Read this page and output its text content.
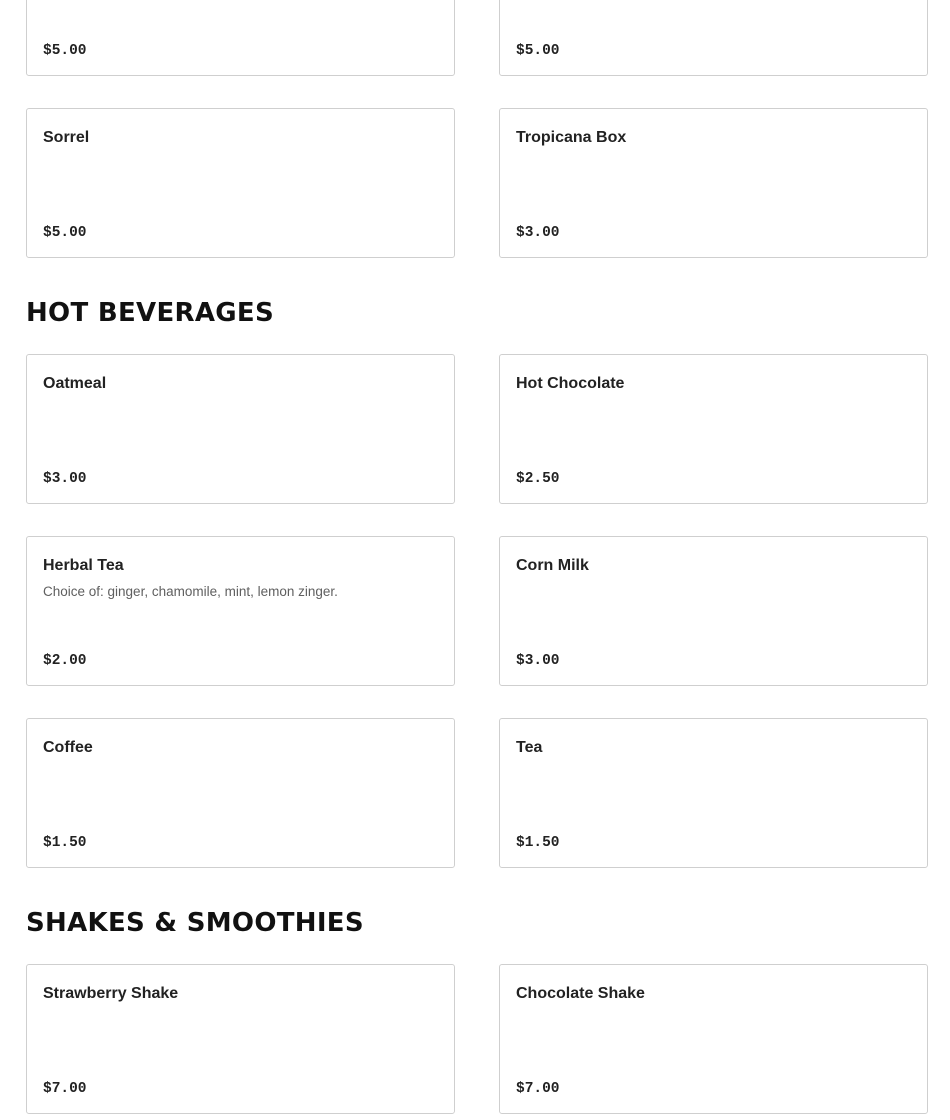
$5.00	$5.00
Sorrel
$5.00
Tropicana Box
$3.00
HOT BEVERAGES
Oatmeal
$3.00
Hot Chocolate
$2.50
Herbal Tea
Choice of: ginger, chamomile, mint, lemon zinger.
$2.00
Corn Milk
$3.00
Coffee
$1.50
Tea
$1.50
SHAKES & SMOOTHIES
Strawberry Shake
$7.00
Chocolate Shake
$7.00
